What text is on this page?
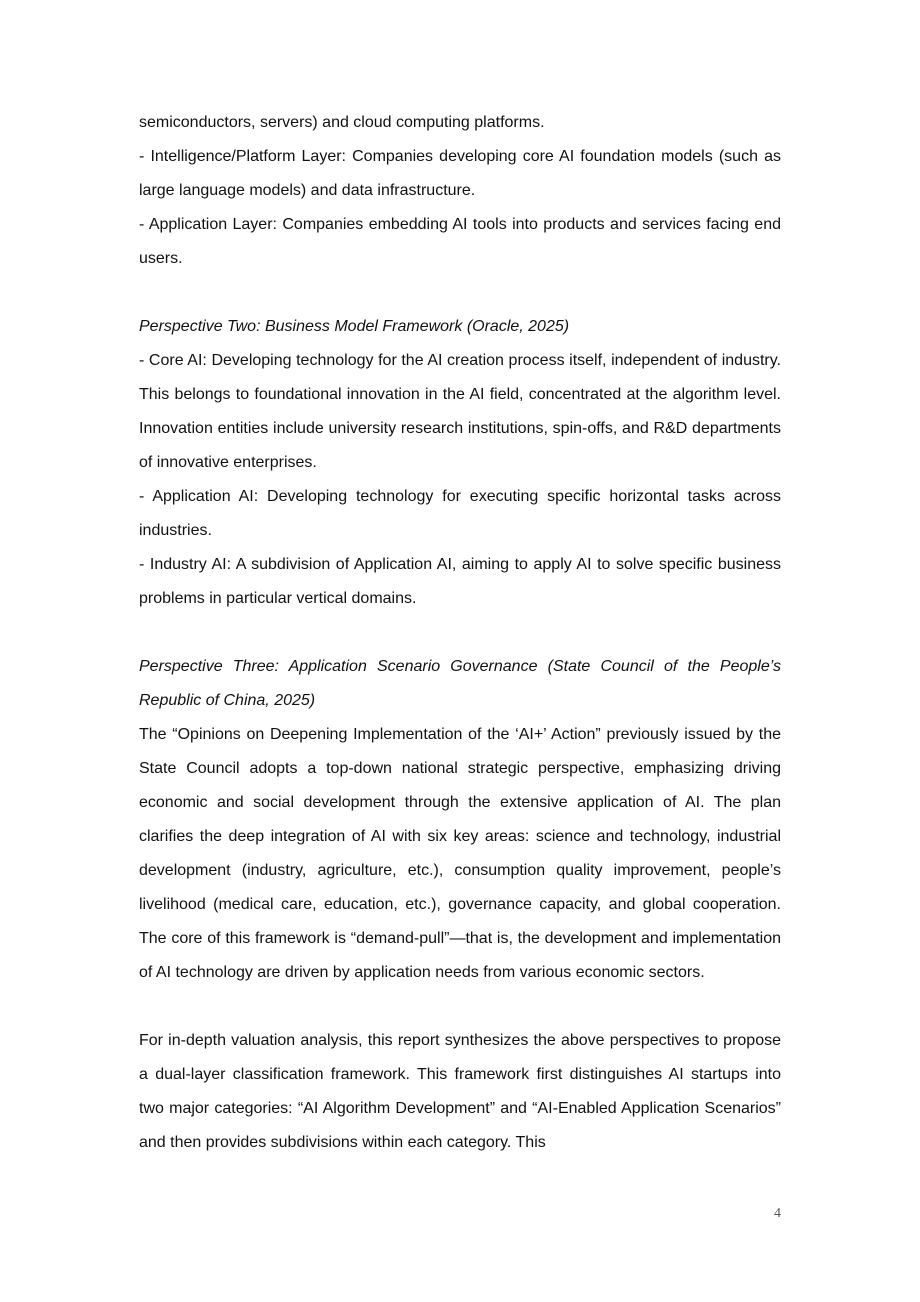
semiconductors, servers) and cloud computing platforms.

- Intelligence/Platform Layer: Companies developing core AI foundation models (such as large language models) and data infrastructure.

- Application Layer: Companies embedding AI tools into products and services facing end users.

Perspective Two: Business Model Framework (Oracle, 2025)

- Core AI: Developing technology for the AI creation process itself, independent of industry. This belongs to foundational innovation in the AI field, concentrated at the algorithm level. Innovation entities include university research institutions, spin-offs, and R&D departments of innovative enterprises.

- Application AI: Developing technology for executing specific horizontal tasks across industries.

- Industry AI: A subdivision of Application AI, aiming to apply AI to solve specific business problems in particular vertical domains.

Perspective Three: Application Scenario Governance (State Council of the People’s Republic of China, 2025)

The “Opinions on Deepening Implementation of the ‘AI+’ Action” previously issued by the State Council adopts a top-down national strategic perspective, emphasizing driving economic and social development through the extensive application of AI. The plan clarifies the deep integration of AI with six key areas: science and technology, industrial development (industry, agriculture, etc.), consumption quality improvement, people’s livelihood (medical care, education, etc.), governance capacity, and global cooperation. The core of this framework is “demand-pull”—that is, the development and implementation of AI technology are driven by application needs from various economic sectors.

For in-depth valuation analysis, this report synthesizes the above perspectives to propose a dual-layer classification framework. This framework first distinguishes AI startups into two major categories: “AI Algorithm Development” and “AI-Enabled Application Scenarios” and then provides subdivisions within each category. This

4
